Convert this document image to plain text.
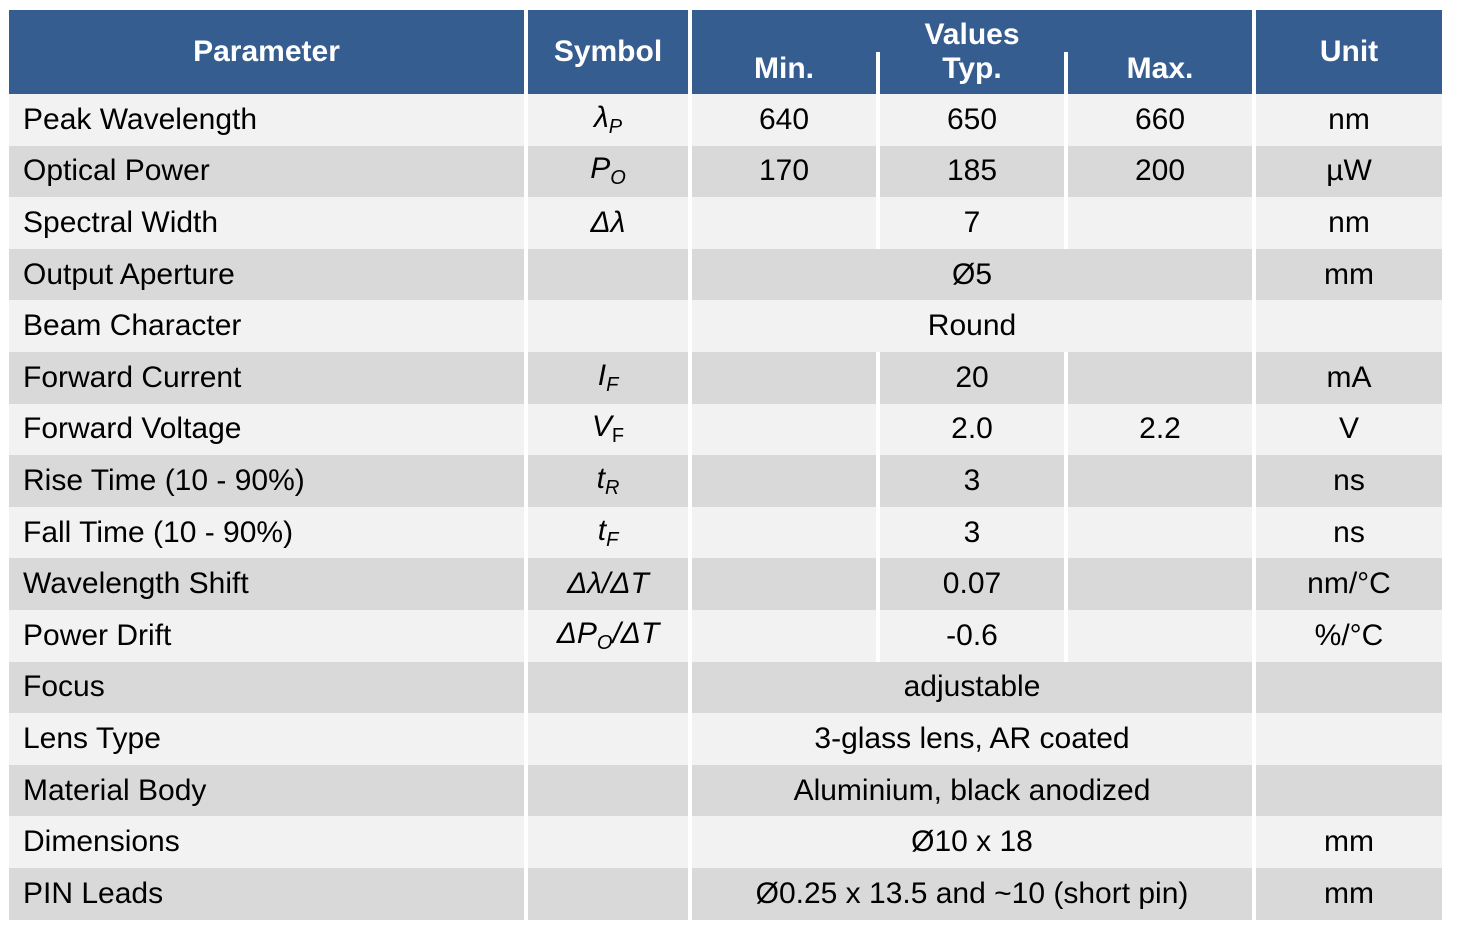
Parameter	Symbol	Values			Unit
		Min.	Typ.	Max.	
Peak Wavelength	$\lambda_P$	640	650	660	nm
Optical Power	$P_O$	170	185	200	µW
Spectral Width	Δλ		7		nm
Output Aperture		Ø5			mm
Beam Character		Round			
Forward Current	$I_F$		20		mA
Forward Voltage	$V_F$		2.0	2.2	V
Rise Time (10 - 90%)	$t_R$		3		ns
Fall Time (10 - 90%)	$t_F$		3		ns
Wavelength Shift	Δλ/ΔT		0.07		nm/°C
Power Drift	$\Delta P_O/\Delta T$		-0.6		%/°C
Focus		adjustable			
Lens Type		3-glass lens, AR coated			
Material Body		Aluminium, black anodized			
Dimensions		Ø10 x 18			mm
PIN Leads		Ø0.25 x 13.5 and ~10 (short pin)			mm
